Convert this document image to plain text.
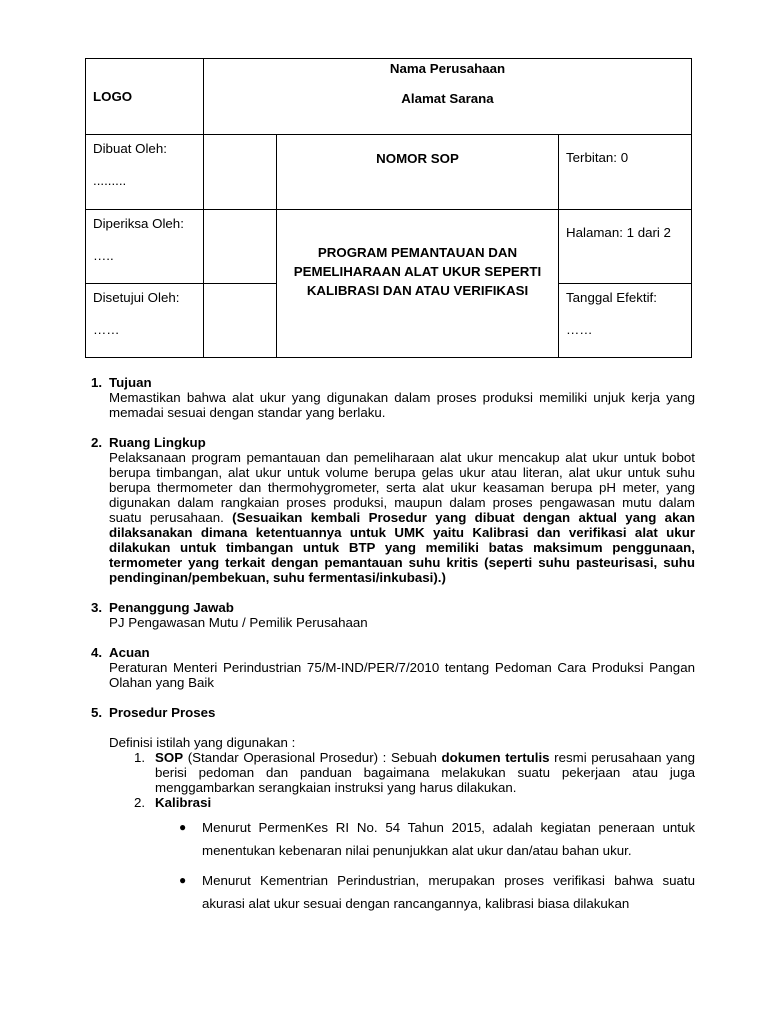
LOGO	Nama Perusahaan
Alamat Sarana		

Dibuat Oleh:
.........		NOMOR SOP	Terbitan: 0

Diperiksa Oleh:
…..		PROGRAM PEMANTAUAN DAN PEMELIHARAAN ALAT UKUR SEPERTI KALIBRASI DAN ATAU VERIFIKASI	Halaman: 1 dari 2

Disetujui Oleh:
……			Tanggal Efektif:
……
1. Tujuan
Memastikan bahwa alat ukur yang digunakan dalam proses produksi memiliki unjuk kerja yang memadai sesuai dengan standar yang berlaku.
2. Ruang Lingkup
Pelaksanaan program pemantauan dan pemeliharaan alat ukur mencakup alat ukur untuk bobot berupa timbangan, alat ukur untuk volume berupa gelas ukur atau literan, alat ukur untuk suhu berupa thermometer dan thermohygrometer, serta alat ukur keasaman berupa pH meter, yang digunakan dalam rangkaian proses produksi, maupun dalam proses pengawasan mutu dalam suatu perusahaan. (Sesuaikan kembali Prosedur yang dibuat dengan aktual yang akan dilaksanakan dimana ketentuannya untuk UMK yaitu Kalibrasi dan verifikasi alat ukur dilakukan untuk timbangan untuk BTP yang memiliki batas maksimum penggunaan, termometer yang terkait dengan pemantauan suhu kritis (seperti suhu pasteurisasi, suhu pendinginan/pembekuan, suhu fermentasi/inkubasi).)
3. Penanggung Jawab
PJ Pengawasan Mutu / Pemilik Perusahaan
4. Acuan
Peraturan Menteri Perindustrian 75/M-IND/PER/7/2010 tentang Pedoman Cara Produksi Pangan Olahan yang Baik
5. Prosedur Proses
Definisi istilah yang digunakan :
1. SOP (Standar Operasional Prosedur) : Sebuah dokumen tertulis resmi perusahaan yang berisi pedoman dan panduan bagaimana melakukan suatu pekerjaan atau juga menggambarkan serangkaian instruksi yang harus dilakukan.
2. Kalibrasi
● Menurut PermenKes RI No. 54 Tahun 2015, adalah kegiatan peneraan untuk menentukan kebenaran nilai penunjukkan alat ukur dan/atau bahan ukur.
● Menurut Kementrian Perindustrian, merupakan proses verifikasi bahwa suatu akurasi alat ukur sesuai dengan rancangannya, kalibrasi biasa dilakukan
